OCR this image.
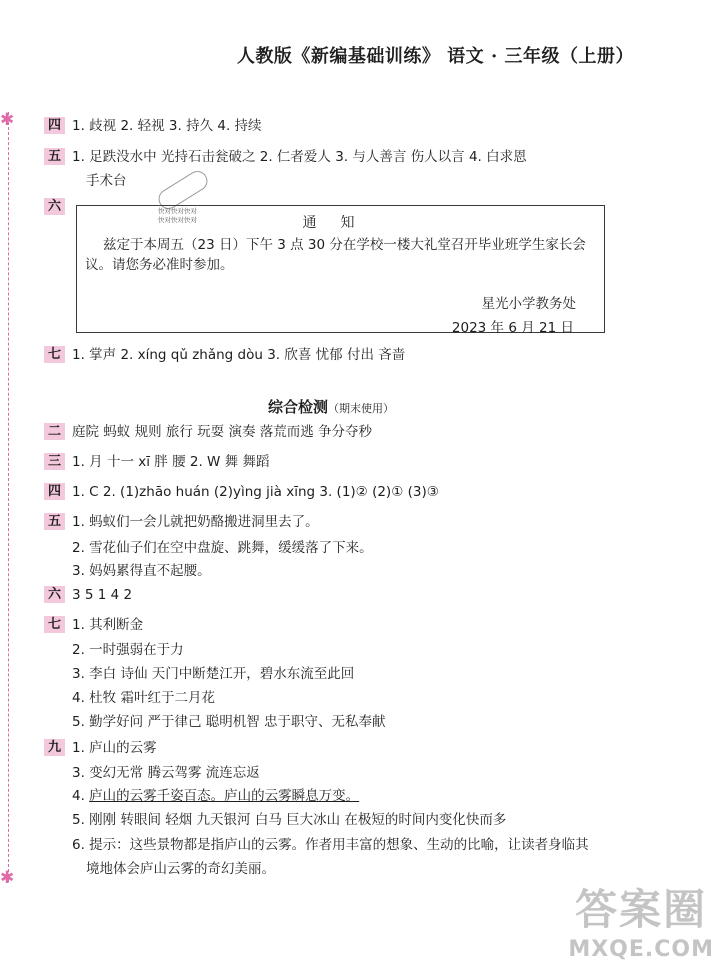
✱
✱
人教版《新编基础训练》 语文 · 三年级（上册）
四 1. 歧视 2. 轻视 3. 持久 4. 持续
五 1. 足跌没水中 光持石击瓮破之 2. 仁者爱人 3. 与人善言 伤人以言 4. 白求恩
手术台
六	快对快对快对
快对快对快对	通知
兹定于本周五（23 日）下午 3 点 30 分在学校一楼大礼堂召开毕业班学生家长会议。请您务必准时参加。
星光小学教务处
2023 年 6 月 21 日
七 1. 掌声 2. xíng qǔ zhǎng dòu 3. 欣喜 忧郁 付出 吝啬
综合检测（期末使用）
二 庭院 蚂蚁 规则 旅行 玩耍 演奏 落荒而逃 争分夺秒
三 1. 月 十一 xī 胖 腰 2. W 舞 舞蹈
四 1. C 2. (1)zhāo huán (2)yìng jià xīng 3. (1)② (2)① (3)③
五 1. 蚂蚁们一会儿就把奶酪搬进洞里去了。
2. 雪花仙子们在空中盘旋、跳舞，缓缓落了下来。
3. 妈妈累得直不起腰。
六 3 5 1 4 2
七 1. 其利断金
2. 一时强弱在于力
3. 李白 诗仙 天门中断楚江开，碧水东流至此回
4. 杜牧 霜叶红于二月花
5. 勤学好问 严于律己 聪明机智 忠于职守、无私奉献
九 1. 庐山的云雾
3. 变幻无常 腾云驾雾 流连忘返
4. 庐山的云雾千姿百态。庐山的云雾瞬息万变。
5. 刚刚 转眼间 轻烟 九天银河 白马 巨大冰山 在极短的时间内变化快而多
6. 提示：这些景物都是指庐山的云雾。作者用丰富的想象、生动的比喻，让读者身临其
境地体会庐山云雾的奇幻美丽。
答案圈
MXQE.COM
